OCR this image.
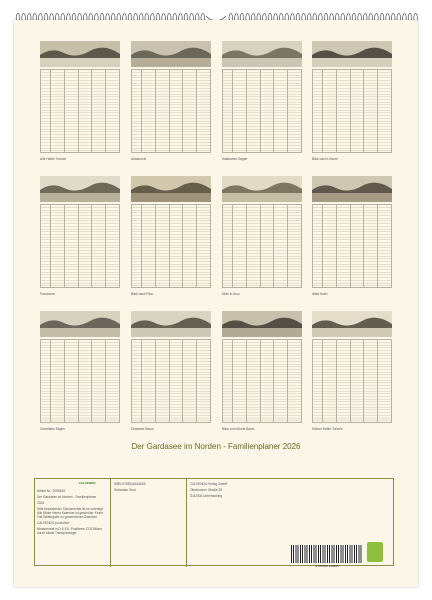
Alte Hafen Torbole	Autotunnel	Kalamaren Segler	Blick nach Limone
Panorama	Blick nach Riva	Mole in Arco	Altes Hotel
Gutmütten Segler	Einsamer Baum	Blick zum Monte Baldo	Kleiner Hafen Torbole
Der Gardasee im Norden - Familienplaner 2026
CALVENDO
Artikel Nr.: 2059525
Der Gardasee im Norden - Familienplaner
2026
Hilfe bezahlender Schutzrechte ist es unterlegt. Alle Bilder hierzu Kalender ist geschützt. Keine Fall-Weitergabe zu gewerblichen Zwecken.
CALVENDO produziert
klimaneutral in D & EU. Positivere CO2-Bilanz durch lokale Transportwege.
ISBN 9783516434826
Sebastian Rost
CALVENDO Verlag GmbH
Ottobrunner Straße 39
D-82008 Unterhaching
9 783516 434826
